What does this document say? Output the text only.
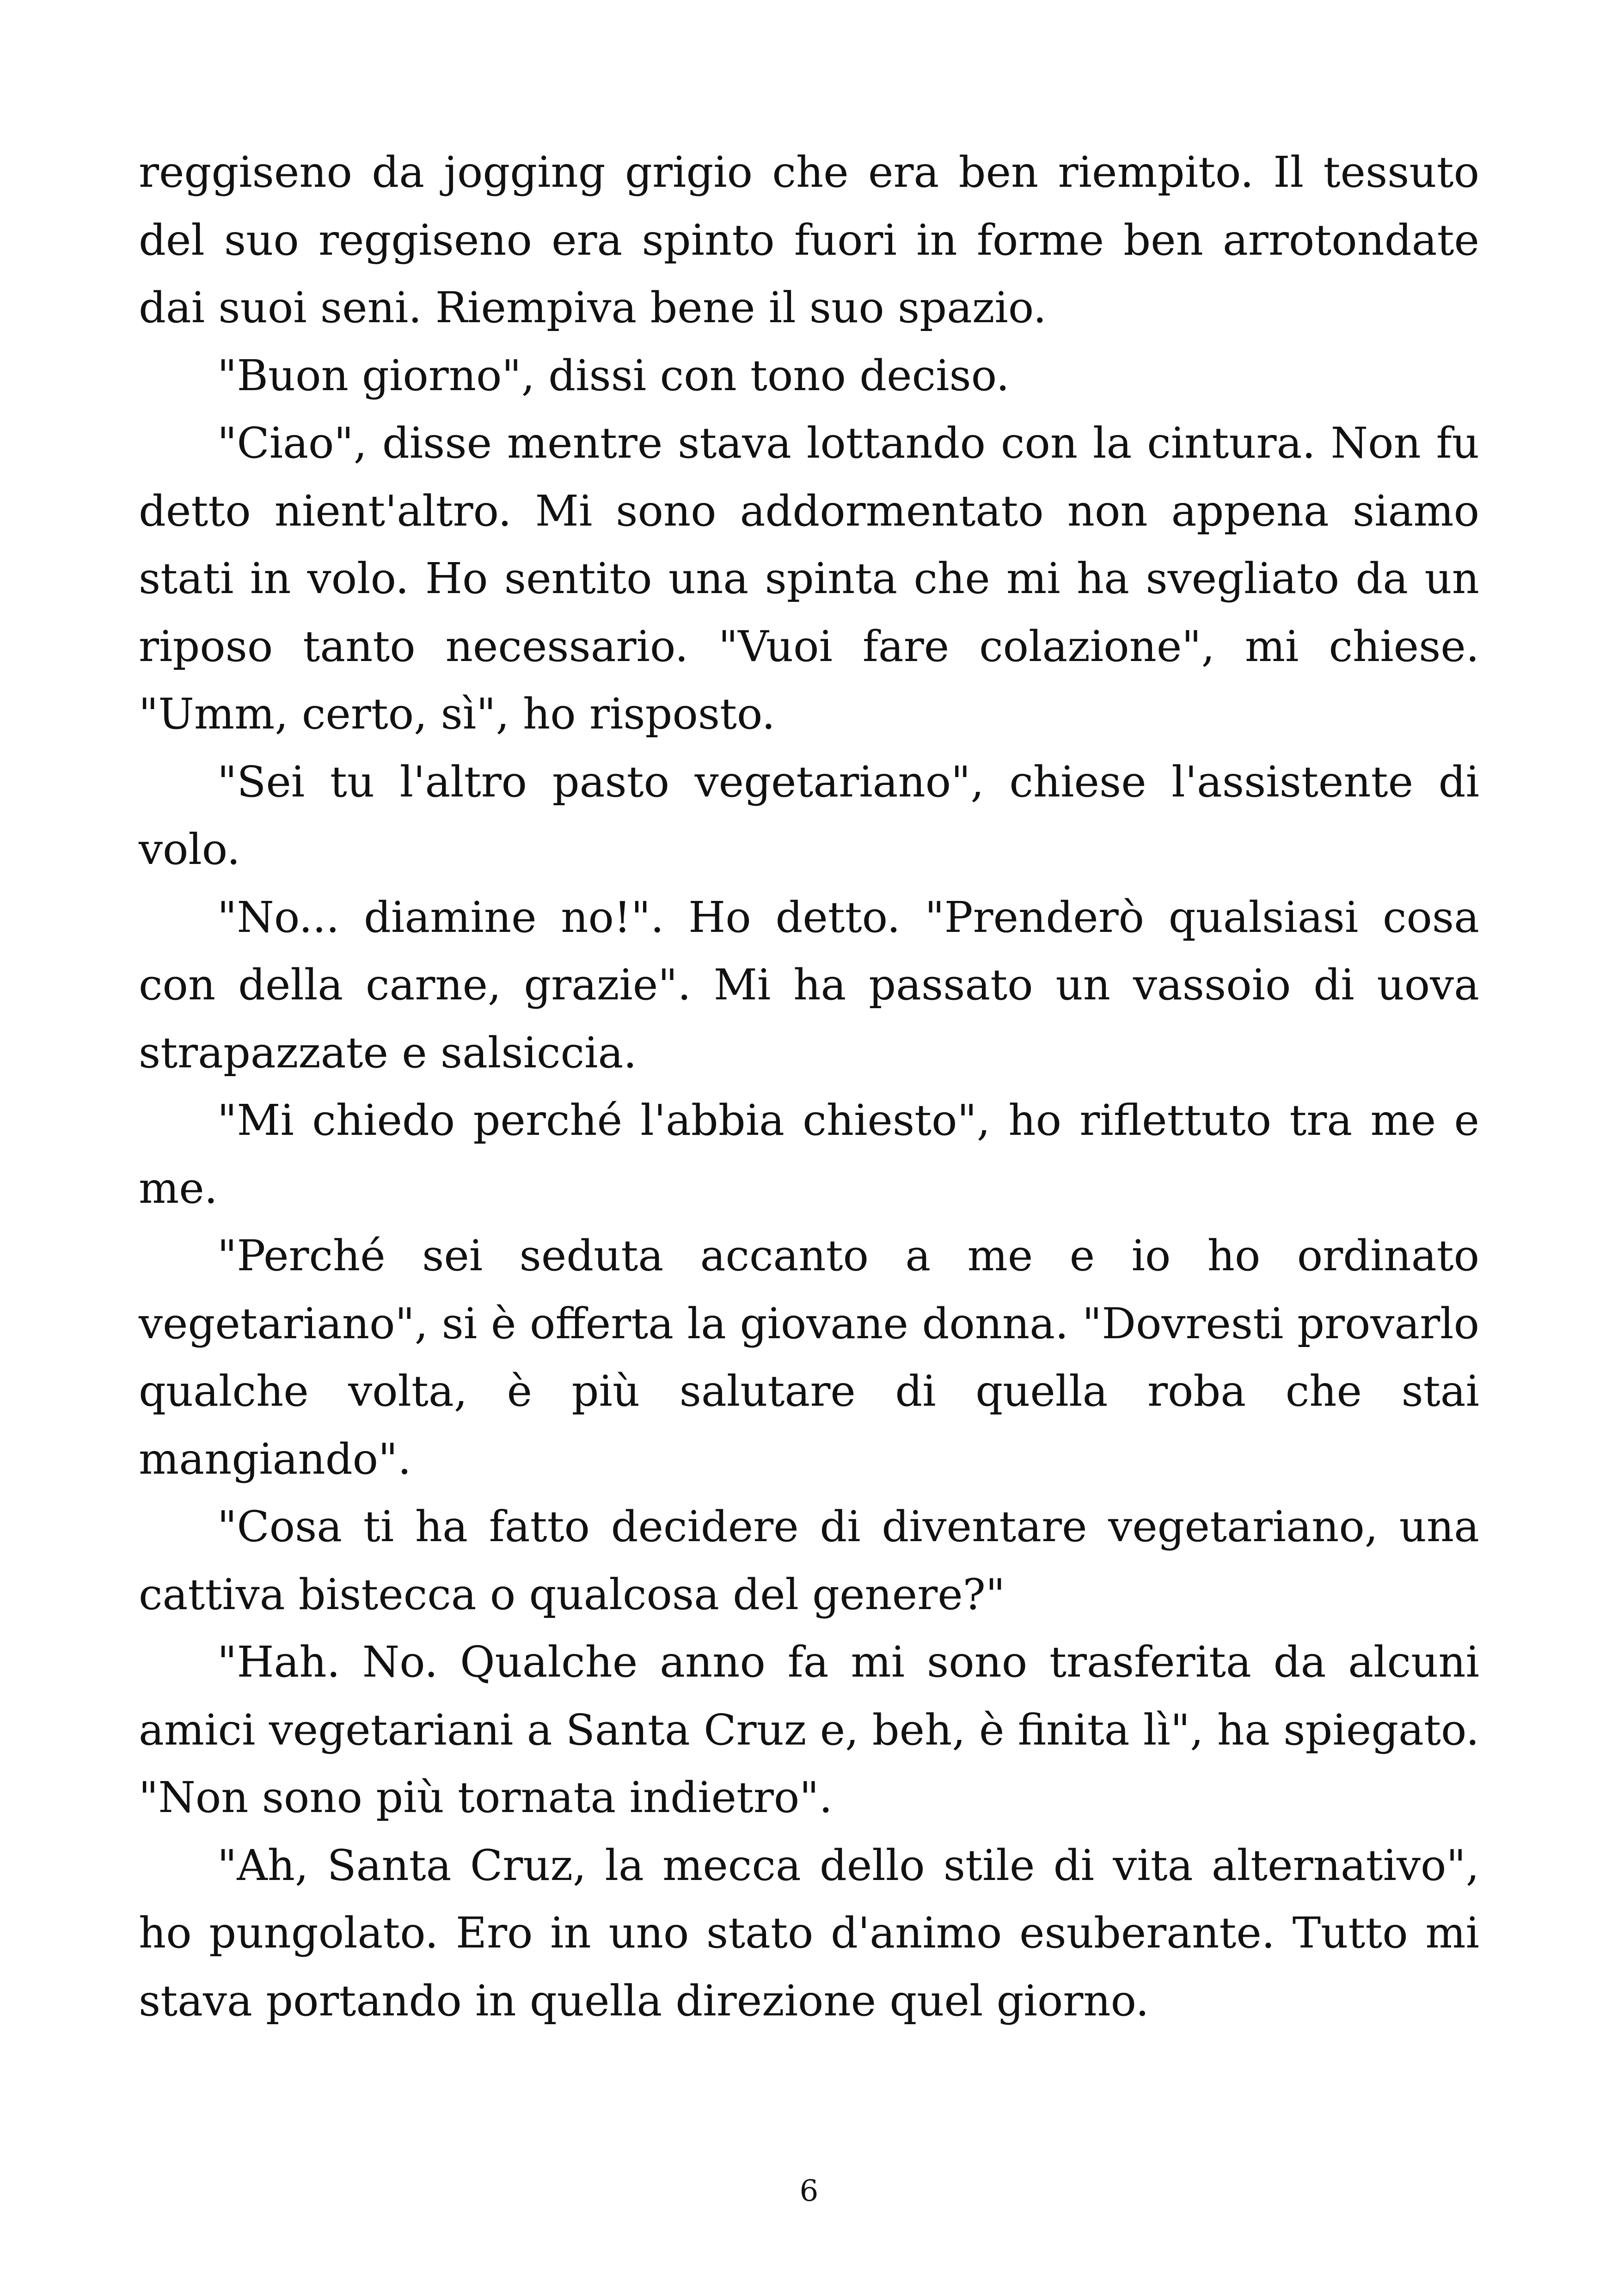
reggiseno da jogging grigio che era ben riempito. Il tessuto del suo reggiseno era spinto fuori in forme ben arrotondate dai suoi seni. Riempiva bene il suo spazio.

"Buon giorno", dissi con tono deciso.

"Ciao", disse mentre stava lottando con la cintura. Non fu detto nient'altro. Mi sono addormentato non appena siamo stati in volo. Ho sentito una spinta che mi ha svegliato da un riposo tanto necessario. "Vuoi fare colazione", mi chiese. "Umm, certo, sì", ho risposto.

"Sei tu l'altro pasto vegetariano", chiese l'assistente di volo.

"No... diamine no!". Ho detto. "Prenderò qualsiasi cosa con della carne, grazie". Mi ha passato un vassoio di uova strapazzate e salsiccia.

"Mi chiedo perché l'abbia chiesto", ho riflettuto tra me e me.

"Perché sei seduta accanto a me e io ho ordinato vegetariano", si è offerta la giovane donna. "Dovresti provarlo qualche volta, è più salutare di quella roba che stai mangiando".

"Cosa ti ha fatto decidere di diventare vegetariano, una cattiva bistecca o qualcosa del genere?"

"Hah. No. Qualche anno fa mi sono trasferita da alcuni amici vegetariani a Santa Cruz e, beh, è finita lì", ha spiegato. "Non sono più tornata indietro".

"Ah, Santa Cruz, la mecca dello stile di vita alternativo", ho pungolato. Ero in uno stato d'animo esuberante. Tutto mi stava portando in quella direzione quel giorno.

6
